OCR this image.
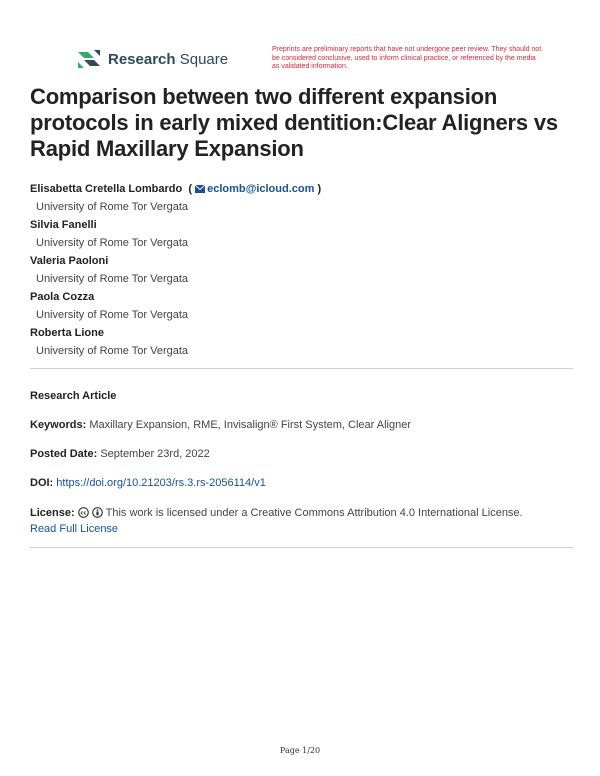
Research Square
Preprints are preliminary reports that have not undergone peer review. They should not be considered conclusive, used to inform clinical practice, or referenced by the media as validated information.
Comparison between two different expansion protocols in early mixed dentition:Clear Aligners vs Rapid Maxillary Expansion
Elisabetta Cretella Lombardo  ( eclomb@icloud.com )
University of Rome Tor Vergata
Silvia Fanelli
University of Rome Tor Vergata
Valeria Paoloni
University of Rome Tor Vergata
Paola Cozza
University of Rome Tor Vergata
Roberta Lione
University of Rome Tor Vergata
Research Article
Keywords: Maxillary Expansion, RME, Invisalign® First System, Clear Aligner
Posted Date: September 23rd, 2022
DOI: https://doi.org/10.21203/rs.3.rs-2056114/v1
License: cc This work is licensed under a Creative Commons Attribution 4.0 International License.
Read Full License
Page 1/20
